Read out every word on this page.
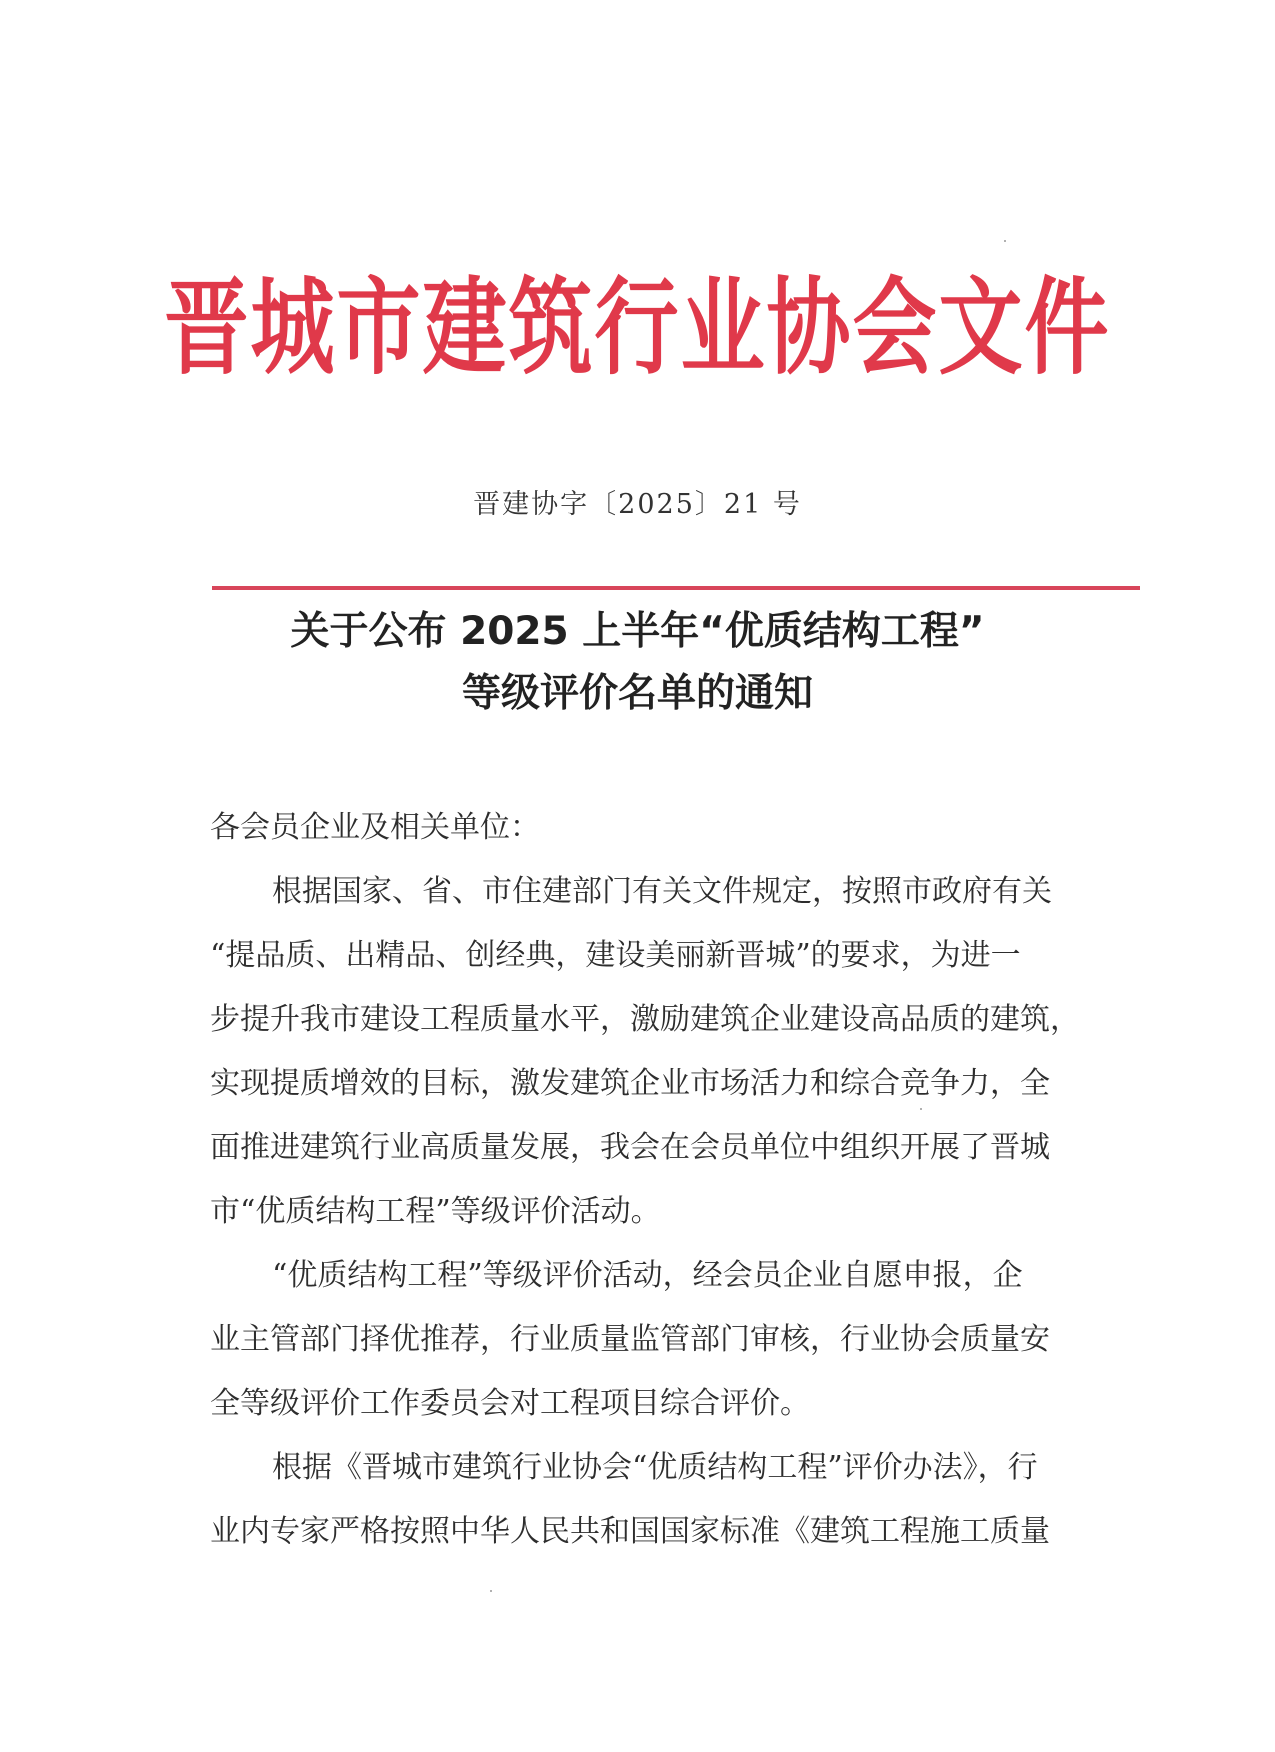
晋城市建筑行业协会文件
晋建协字〔2025〕21 号
关于公布 2025 上半年“优质结构工程”
等级评价名单的通知
各会员企业及相关单位：
根据国家、省、市住建部门有关文件规定，按照市政府有关
“提品质、出精品、创经典，建设美丽新晋城”的要求，为进一
步提升我市建设工程质量水平，激励建筑企业建设高品质的建筑，
实现提质增效的目标，激发建筑企业市场活力和综合竞争力，全
面推进建筑行业高质量发展，我会在会员单位中组织开展了晋城
市“优质结构工程”等级评价活动。
“优质结构工程”等级评价活动，经会员企业自愿申报，企
业主管部门择优推荐，行业质量监管部门审核，行业协会质量安
全等级评价工作委员会对工程项目综合评价。
根据《晋城市建筑行业协会“优质结构工程”评价办法》，行
业内专家严格按照中华人民共和国国家标准《建筑工程施工质量
